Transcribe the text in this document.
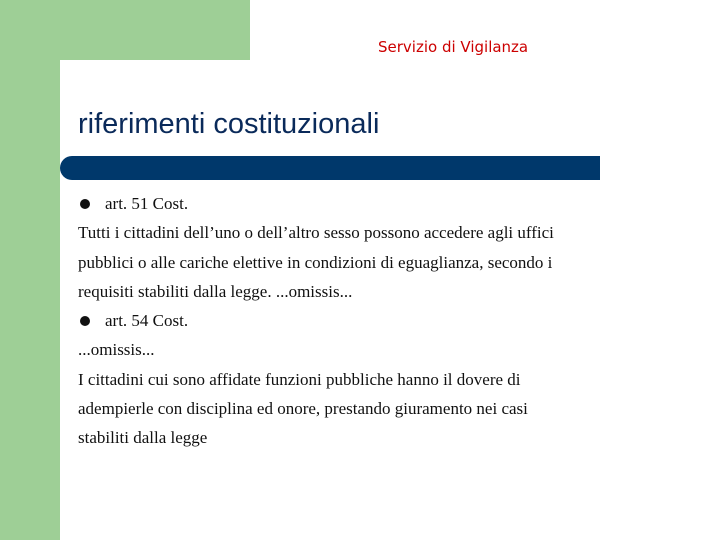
Servizio di Vigilanza
riferimenti costituzionali
art. 51 Cost.
Tutti i cittadini dell’uno o dell’altro sesso possono accedere agli uffici
pubblici o alle cariche elettive in condizioni di eguaglianza, secondo i
requisiti stabiliti dalla legge. ...omissis...
art. 54 Cost.
...omissis...
I cittadini cui sono affidate funzioni pubbliche hanno il dovere di
adempierle con disciplina ed onore, prestando giuramento nei casi
stabiliti dalla legge
